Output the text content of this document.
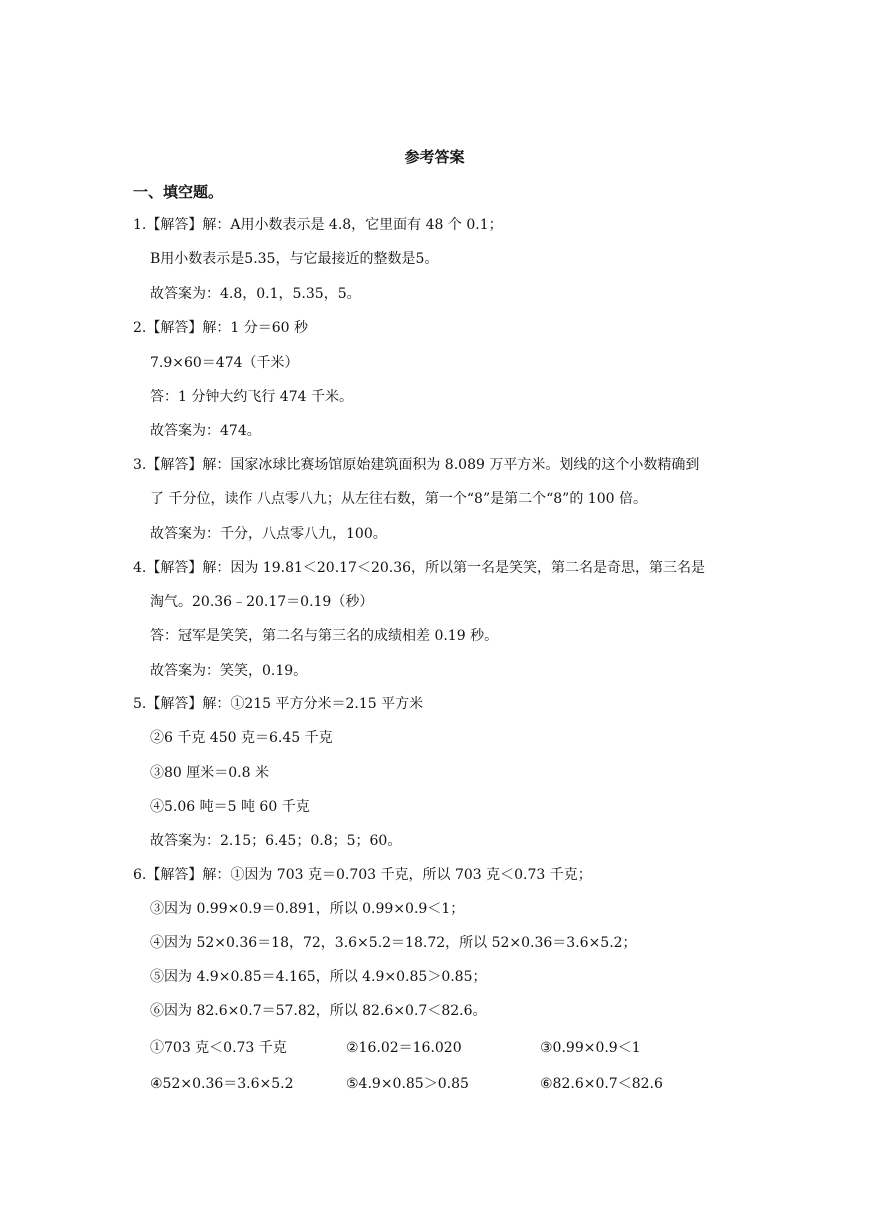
参考答案
一、填空题。
1.【解答】解：A用小数表示是 4.8，它里面有 48 个 0.1；
B用小数表示是5.35，与它最接近的整数是5。
故答案为：4.8，0.1，5.35，5。
2.【解答】解：1 分＝60 秒
7.9×60＝474（千米）
答：1 分钟大约飞行 474 千米。
故答案为：474。
3.【解答】解：国家冰球比赛场馆原始建筑面积为 8.089 万平方米。划线的这个小数精确到
了 千分位，读作 八点零八九；从左往右数，第一个“8”是第二个“8”的 100 倍。
故答案为：千分，八点零八九，100。
4.【解答】解：因为 19.81＜20.17＜20.36，所以第一名是笑笑，第二名是奇思，第三名是
淘气。20.36﹣20.17＝0.19（秒）
答：冠军是笑笑，第二名与第三名的成绩相差 0.19 秒。
故答案为：笑笑，0.19。
5.【解答】解：①215 平方分米＝2.15 平方米
②6 千克 450 克＝6.45 千克
③80 厘米＝0.8 米
④5.06 吨＝5 吨 60 千克
故答案为：2.15；6.45；0.8；5；60。
6.【解答】解：①因为 703 克＝0.703 千克，所以 703 克＜0.73 千克；
③因为 0.99×0.9＝0.891，所以 0.99×0.9＜1；
④因为 52×0.36＝18，72，3.6×5.2＝18.72，所以 52×0.36＝3.6×5.2；
⑤因为 4.9×0.85＝4.165，所以 4.9×0.85＞0.85；
⑥因为 82.6×0.7＝57.82，所以 82.6×0.7＜82.6。
①703 克＜0.73 千克	②16.02＝16.020	③0.99×0.9＜1
④52×0.36＝3.6×5.2	⑤4.9×0.85＞0.85	⑥82.6×0.7＜82.6
